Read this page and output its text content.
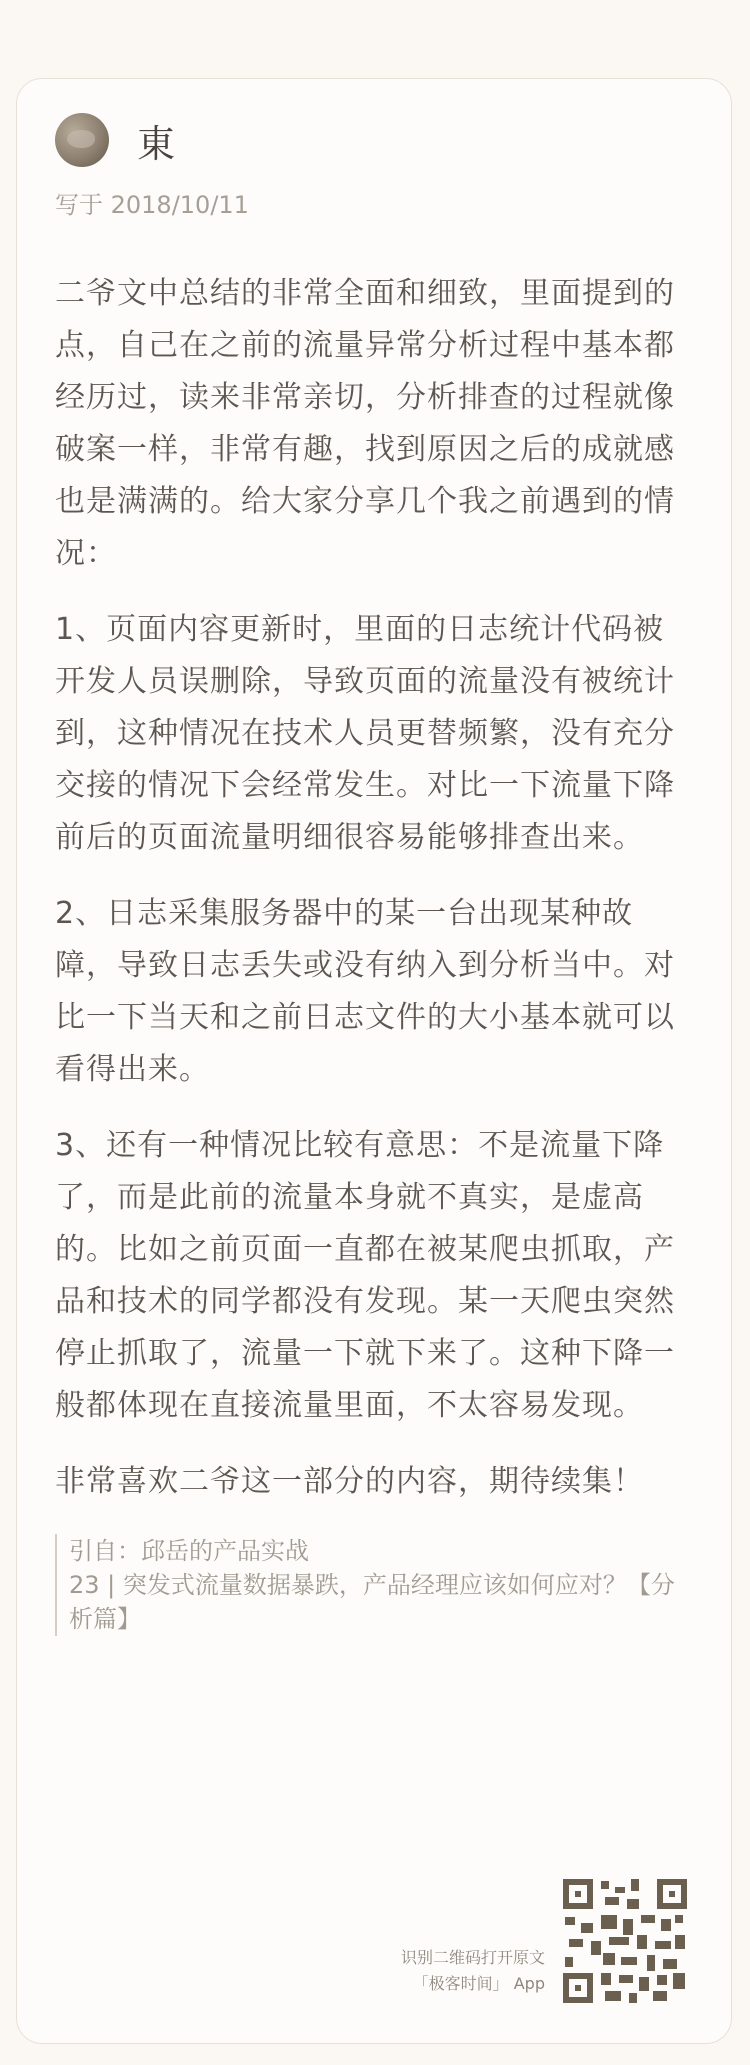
東
写于 2018/10/11

二爷文中总结的非常全面和细致，里面提到的点，自己在之前的流量异常分析过程中基本都经历过，读来非常亲切，分析排查的过程就像破案一样，非常有趣，找到原因之后的成就感也是满满的。给大家分享几个我之前遇到的情况：

1、页面内容更新时，里面的日志统计代码被开发人员误删除，导致页面的流量没有被统计到，这种情况在技术人员更替频繁，没有充分交接的情况下会经常发生。对比一下流量下降前后的页面流量明细很容易能够排查出来。

2、日志采集服务器中的某一台出现某种故障，导致日志丢失或没有纳入到分析当中。对比一下当天和之前日志文件的大小基本就可以看得出来。

3、还有一种情况比较有意思：不是流量下降了，而是此前的流量本身就不真实，是虚高的。比如之前页面一直都在被某爬虫抓取，产品和技术的同学都没有发现。某一天爬虫突然停止抓取了，流量一下就下来了。这种下降一般都体现在直接流量里面，不太容易发现。

非常喜欢二爷这一部分的内容，期待续集！

引自：邱岳的产品实战
23 | 突发式流量数据暴跌，产品经理应该如何应对？【分析篇】
识别二维码打开原文
「极客时间」 App
